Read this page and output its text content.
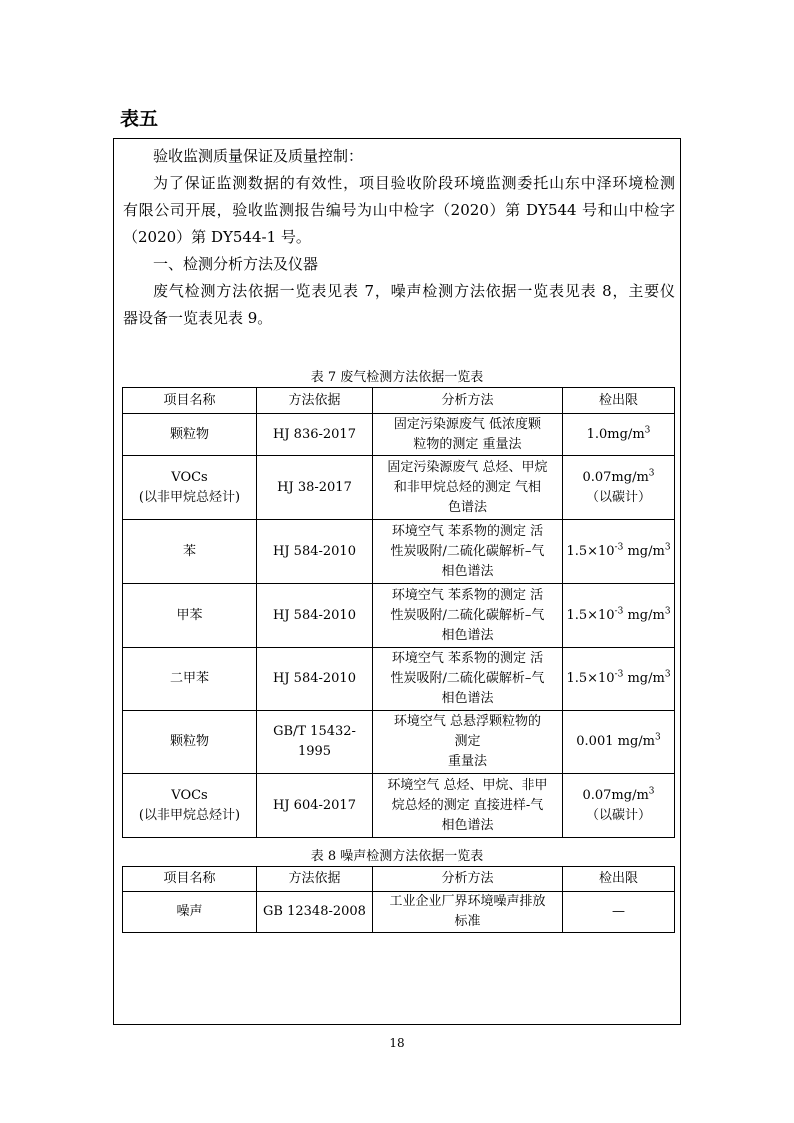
表五
验收监测质量保证及质量控制：
为了保证监测数据的有效性，项目验收阶段环境监测委托山东中泽环境检测
有限公司开展，验收监测报告编号为山中检字（2020）第 DY544 号和山中检字
（2020）第 DY544-1 号。
一、检测分析方法及仪器
废气检测方法依据一览表见表 7，噪声检测方法依据一览表见表 8，主要仪
器设备一览表见表 9。
表 7 废气检测方法依据一览表
项目名称	方法依据	分析方法	检出限
颗粒物	HJ 836-2017	固定污染源废气 低浓度颗
粒物的测定 重量法	$1.0mg/m^3$
VOCs
(以非甲烷总烃计)	HJ 38-2017	固定污染源废气 总烃、甲烷
和非甲烷总烃的测定 气相
色谱法	$0.07mg/m^3$
（以碳计）
苯	HJ 584-2010	环境空气 苯系物的测定 活
性炭吸附/二硫化碳解析–气
相色谱法	$1.5\times 10^{-3}$ $mg/m^3$
甲苯	HJ 584-2010	环境空气 苯系物的测定 活
性炭吸附/二硫化碳解析–气
相色谱法	$1.5\times 10^{-3}$ $mg/m^3$
二甲苯	HJ 584-2010	环境空气 苯系物的测定 活
性炭吸附/二硫化碳解析–气
相色谱法	$1.5\times 10^{-3}$ $mg/m^3$
颗粒物	GB/T 15432-1995	环境空气 总悬浮颗粒物的
测定
重量法	0.001 $mg/m^3$
VOCs
(以非甲烷总烃计)	HJ 604-2017	环境空气 总烃、甲烷、非甲
烷总烃的测定 直接进样-气
相色谱法	$0.07mg/m^3$
（以碳计）
表 8 噪声检测方法依据一览表
项目名称	方法依据	分析方法	检出限
噪声	GB 12348-2008	工业企业厂界环境噪声排放
标准	—
18
